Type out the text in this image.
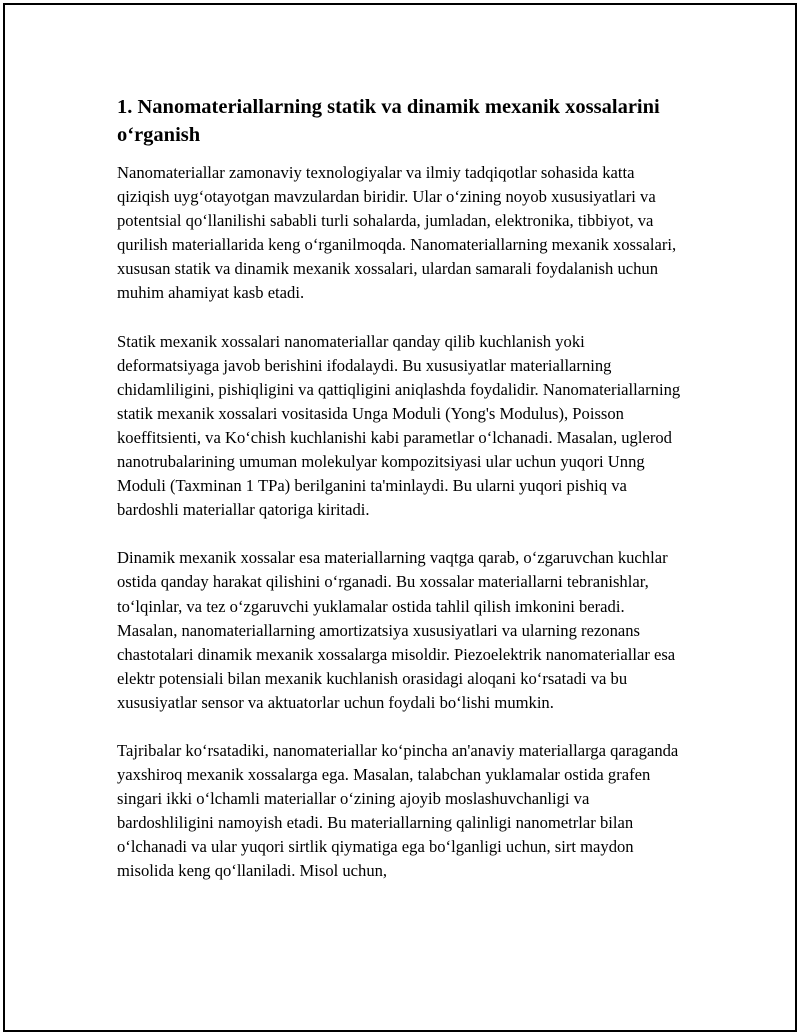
1. Nanomateriallarning statik va dinamik mexanik xossalarini o‘rganish

Nanomateriallar zamonaviy texnologiyalar va ilmiy tadqiqotlar sohasida katta qiziqish uyg‘otayotgan mavzulardan biridir. Ular o‘zining noyob xususiyatlari va potentsial qo‘llanilishi sababli turli sohalarda, jumladan, elektronika, tibbiyot, va qurilish materiallarida keng o‘rganilmoqda. Nanomateriallarning mexanik xossalari, xususan statik va dinamik mexanik xossalari, ulardan samarali foydalanish uchun muhim ahamiyat kasb etadi.

Statik mexanik xossalari nanomateriallar qanday qilib kuchlanish yoki deformatsiyaga javob berishini ifodalaydi. Bu xususiyatlar materiallarning chidamliligini, pishiqligini va qattiqligini aniqlashda foydalidir. Nanomateriallarning statik mexanik xossalari vositasida Unga Moduli (Yong's Modulus), Poisson koeffitsienti, va Ko‘chish kuchlanishi kabi parametlar o‘lchanadi. Masalan, uglerod nanotrubalarining umuman molekulyar kompozitsiyasi ular uchun yuqori Unng Moduli (Taxminan 1 TPa) berilganini ta'minlaydi. Bu ularni yuqori pishiq va bardoshli materiallar qatoriga kiritadi.

Dinamik mexanik xossalar esa materiallarning vaqtga qarab, o‘zgaruvchan kuchlar ostida qanday harakat qilishini o‘rganadi. Bu xossalar materiallarni tebranishlar, to‘lqinlar, va tez o‘zgaruvchi yuklamalar ostida tahlil qilish imkonini beradi. Masalan, nanomateriallarning amortizatsiya xususiyatlari va ularning rezonans chastotalari dinamik mexanik xossalarga misoldir. Piezoelektrik nanomateriallar esa elektr potensiali bilan mexanik kuchlanish orasidagi aloqani ko‘rsatadi va bu xususiyatlar sensor va aktuatorlar uchun foydali bo‘lishi mumkin.

Tajribalar ko‘rsatadiki, nanomateriallar ko‘pincha an'anaviy materiallarga qaraganda yaxshiroq mexanik xossalarga ega. Masalan, talabchan yuklamalar ostida grafen singari ikki o‘lchamli materiallar o‘zining ajoyib moslashuvchanligi va bardoshliligini namoyish etadi. Bu materiallarning qalinligi nanometrlar bilan o‘lchanadi va ular yuqori sirtlik qiymatiga ega bo‘lganligi uchun, sirt maydon misolida keng qo‘llaniladi. Misol uchun,
